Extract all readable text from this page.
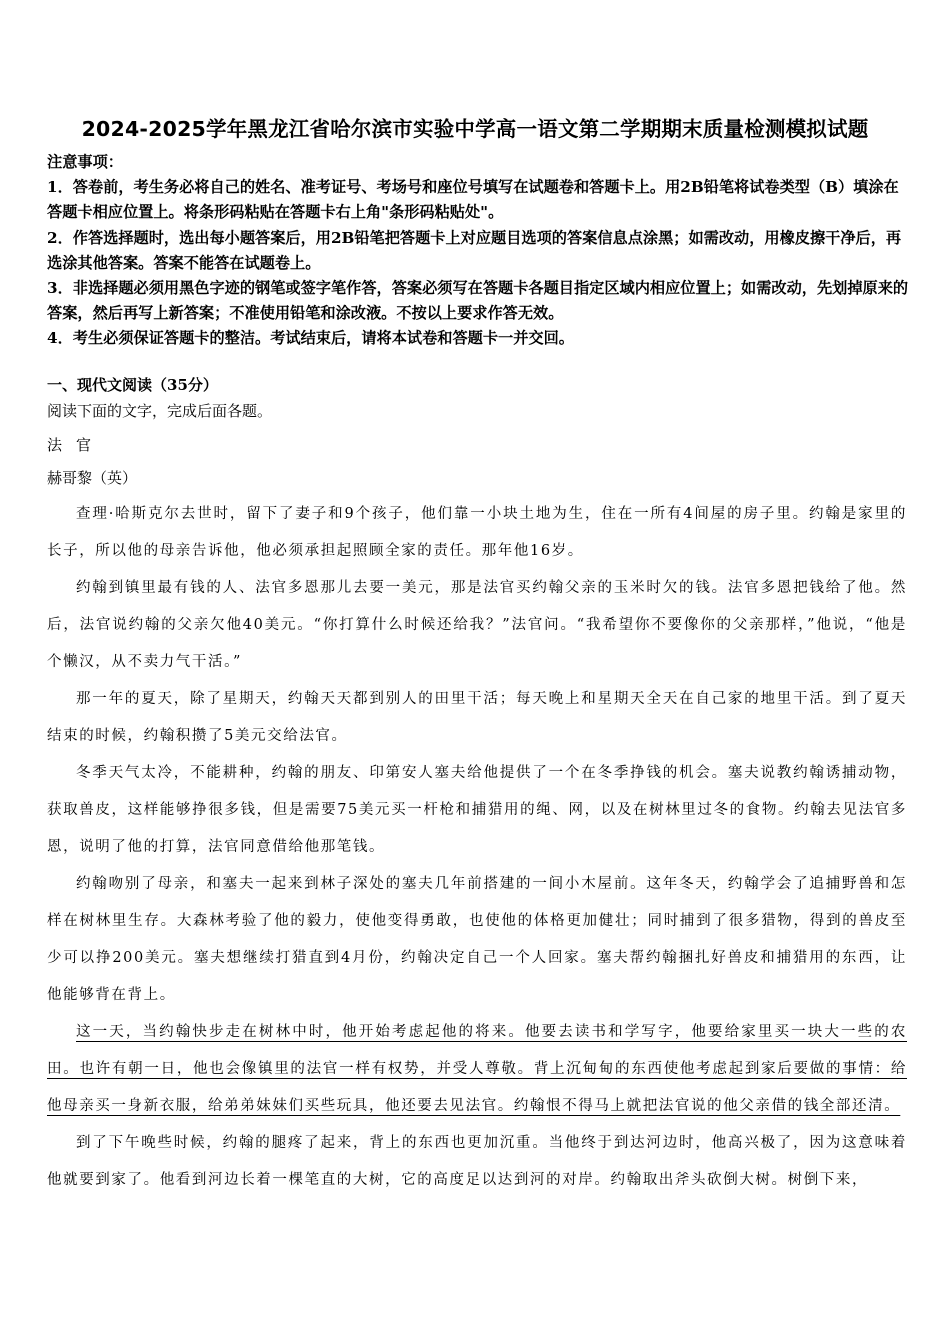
2024-2025学年黑龙江省哈尔滨市实验中学高一语文第二学期期末质量检测模拟试题

注意事项：

1．答卷前，考生务必将自己的姓名、准考证号、考场号和座位号填写在试题卷和答题卡上。用2B铅笔将试卷类型（B）填涂在答题卡相应位置上。将条形码粘贴在答题卡右上角"条形码粘贴处"。

2．作答选择题时，选出每小题答案后，用2B铅笔把答题卡上对应题目选项的答案信息点涂黑；如需改动，用橡皮擦干净后，再选涂其他答案。答案不能答在试题卷上。

3．非选择题必须用黑色字迹的钢笔或签字笔作答，答案必须写在答题卡各题目指定区域内相应位置上；如需改动，先划掉原来的答案，然后再写上新答案；不准使用铅笔和涂改液。不按以上要求作答无效。

4．考生必须保证答题卡的整洁。考试结束后，请将本试卷和答题卡一并交回。

一、现代文阅读（35分）
阅读下面的文字，完成后面各题。
法官
赫哥黎（英）

查理·哈斯克尔去世时，留下了妻子和9个孩子，他们靠一小块土地为生，住在一所有4间屋的房子里。约翰是家里的长子，所以他的母亲告诉他，他必须承担起照顾全家的责任。那年他16岁。

约翰到镇里最有钱的人、法官多恩那儿去要一美元，那是法官买约翰父亲的玉米时欠的钱。法官多恩把钱给了他。然后，法官说约翰的父亲欠他40美元。“你打算什么时候还给我？”法官问。“我希望你不要像你的父亲那样，”他说，“他是个懒汉，从不卖力气干活。”

那一年的夏天，除了星期天，约翰天天都到别人的田里干活；每天晚上和星期天全天在自己家的地里干活。到了夏天结束的时候，约翰积攒了5美元交给法官。

冬季天气太冷，不能耕种，约翰的朋友、印第安人塞夫给他提供了一个在冬季挣钱的机会。塞夫说教约翰诱捕动物，获取兽皮，这样能够挣很多钱，但是需要75美元买一杆枪和捕猎用的绳、网，以及在树林里过冬的食物。约翰去见法官多恩，说明了他的打算，法官同意借给他那笔钱。

约翰吻别了母亲，和塞夫一起来到林子深处的塞夫几年前搭建的一间小木屋前。这年冬天，约翰学会了追捕野兽和怎样在树林里生存。大森林考验了他的毅力，使他变得勇敢，也使他的体格更加健壮；同时捕到了很多猎物，得到的兽皮至少可以挣200美元。塞夫想继续打猎直到4月份，约翰决定自己一个人回家。塞夫帮约翰捆扎好兽皮和捕猎用的东西，让他能够背在背上。

这一天，当约翰快步走在树林中时，他开始考虑起他的将来。他要去读书和学写字，他要给家里买一块大一些的农田。也许有朝一日，他也会像镇里的法官一样有权势，并受人尊敬。背上沉甸甸的东西使他考虑起到家后要做的事情：给他母亲买一身新衣服，给弟弟妹妹们买些玩具，他还要去见法官。约翰恨不得马上就把法官说的他父亲借的钱全部还清。

到了下午晚些时候，约翰的腿疼了起来，背上的东西也更加沉重。当他终于到达河边时，他高兴极了，因为这意味着他就要到家了。他看到河边长着一棵笔直的大树，它的高度足以达到河的对岸。约翰取出斧头砍倒大树。树倒下来，
